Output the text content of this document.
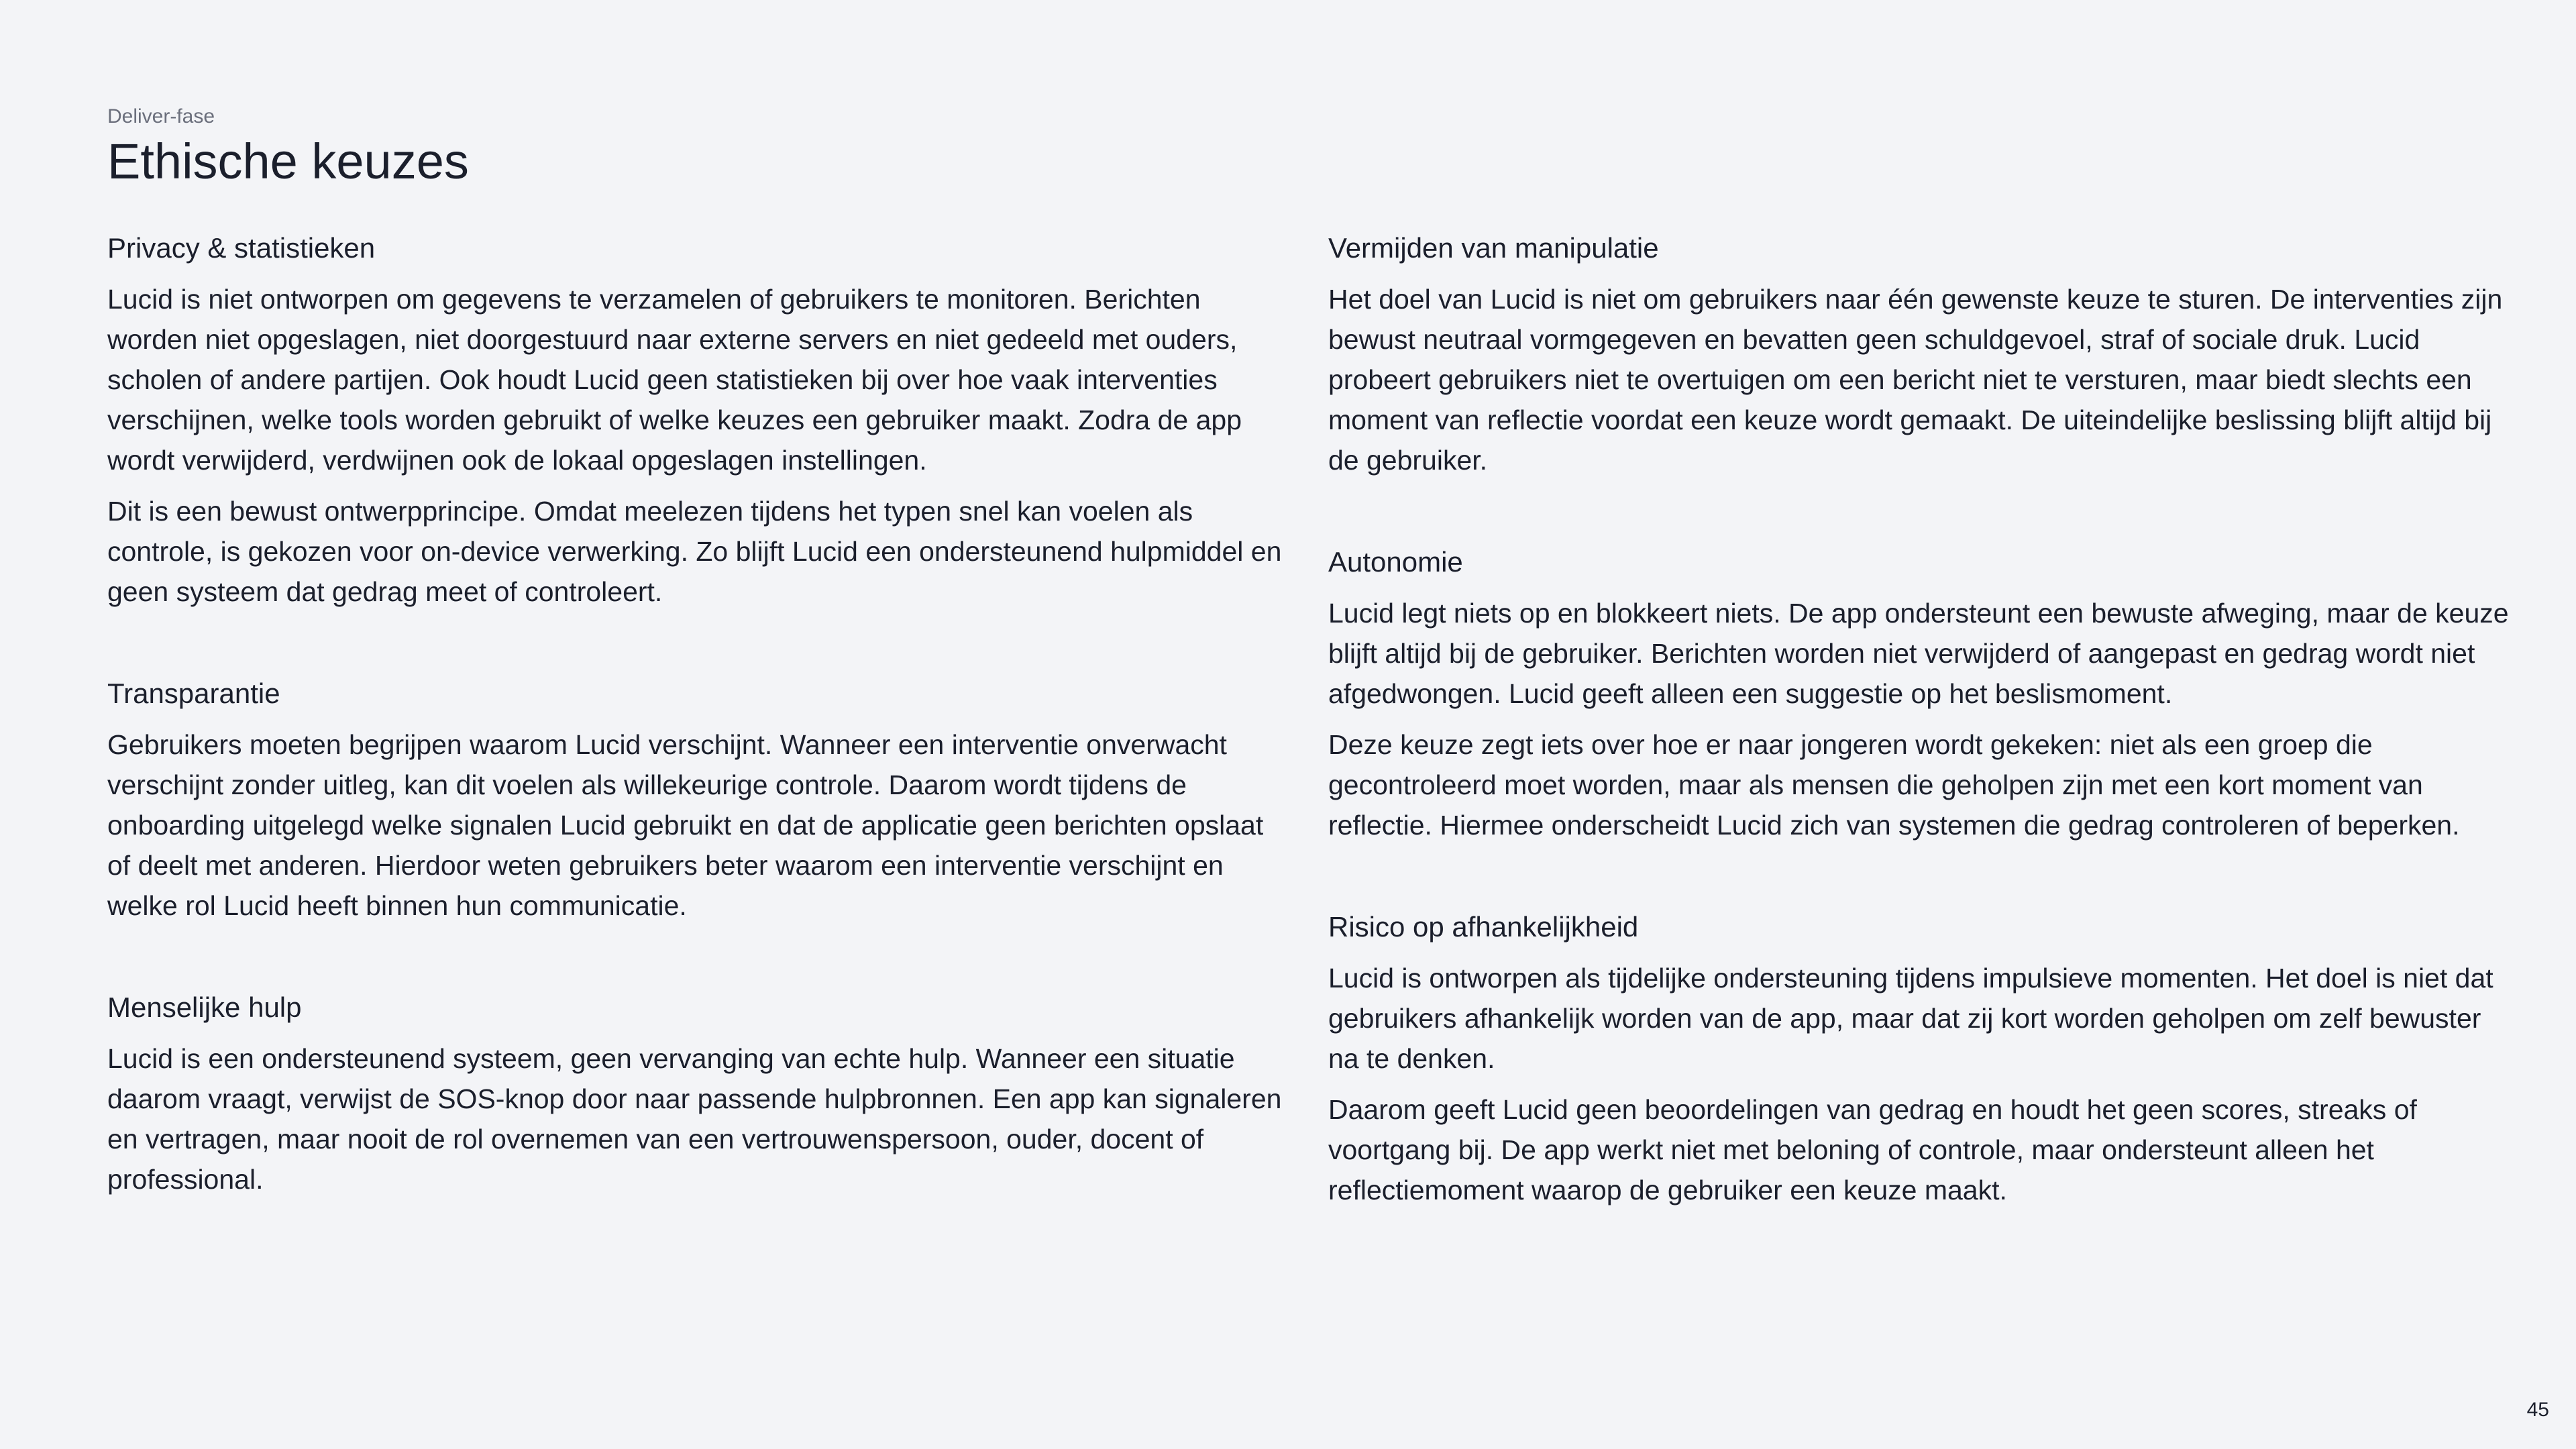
Deliver-fase
Ethische keuzes
Privacy & statistieken

Lucid is niet ontworpen om gegevens te verzamelen of gebruikers te monitoren. Berichten worden niet opgeslagen, niet doorgestuurd naar externe servers en niet gedeeld met ouders, scholen of andere partijen. Ook houdt Lucid geen statistieken bij over hoe vaak interventies verschijnen, welke tools worden gebruikt of welke keuzes een gebruiker maakt. Zodra de app wordt verwijderd, verdwijnen ook de lokaal opgeslagen instellingen.

Dit is een bewust ontwerpprincipe. Omdat meelezen tijdens het typen snel kan voelen als controle, is gekozen voor on-device verwerking. Zo blijft Lucid een ondersteunend hulpmiddel en geen systeem dat gedrag meet of controleert.

Transparantie

Gebruikers moeten begrijpen waarom Lucid verschijnt. Wanneer een interventie onverwacht verschijnt zonder uitleg, kan dit voelen als willekeurige controle. Daarom wordt tijdens de onboarding uitgelegd welke signalen Lucid gebruikt en dat de applicatie geen berichten opslaat of deelt met anderen. Hierdoor weten gebruikers beter waarom een interventie verschijnt en welke rol Lucid heeft binnen hun communicatie.

Menselijke hulp

Lucid is een ondersteunend systeem, geen vervanging van echte hulp. Wanneer een situatie daarom vraagt, verwijst de SOS-knop door naar passende hulpbronnen. Een app kan signaleren en vertragen, maar nooit de rol overnemen van een vertrouwenspersoon, ouder, docent of professional.

Vermijden van manipulatie

Het doel van Lucid is niet om gebruikers naar één gewenste keuze te sturen. De interventies zijn bewust neutraal vormgegeven en bevatten geen schuldgevoel, straf of sociale druk. Lucid probeert gebruikers niet te overtuigen om een bericht niet te versturen, maar biedt slechts een moment van reflectie voordat een keuze wordt gemaakt. De uiteindelijke beslissing blijft altijd bij de gebruiker.

Autonomie

Lucid legt niets op en blokkeert niets. De app ondersteunt een bewuste afweging, maar de keuze blijft altijd bij de gebruiker. Berichten worden niet verwijderd of aangepast en gedrag wordt niet afgedwongen. Lucid geeft alleen een suggestie op het beslismoment.

Deze keuze zegt iets over hoe er naar jongeren wordt gekeken: niet als een groep die gecontroleerd moet worden, maar als mensen die geholpen zijn met een kort moment van reflectie. Hiermee onderscheidt Lucid zich van systemen die gedrag controleren of beperken.

Risico op afhankelijkheid

Lucid is ontworpen als tijdelijke ondersteuning tijdens impulsieve momenten. Het doel is niet dat gebruikers afhankelijk worden van de app, maar dat zij kort worden geholpen om zelf bewuster na te denken.

Daarom geeft Lucid geen beoordelingen van gedrag en houdt het geen scores, streaks of voortgang bij. De app werkt niet met beloning of controle, maar ondersteunt alleen het reflectiemoment waarop de gebruiker een keuze maakt.

45
